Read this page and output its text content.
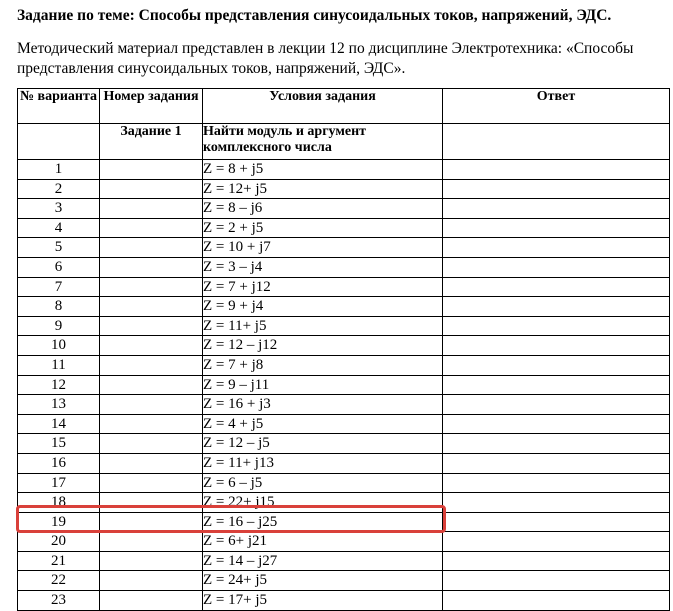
Задание по теме: Способы представления синусоидальных токов, напряжений, ЭДС.
Методический материал представлен в лекции 12 по дисциплине Электротехника: «Способы представления синусоидальных токов, напряжений, ЭДС».
№ варианта	Номер задания	Условия задания	Ответ
	Задание 1	Найти модуль и аргумент комплексного числа	
1		Z = 8 + j5	
2		Z = 12+ j5	
3		Z = 8 – j6	
4		Z = 2 + j5	
5		Z = 10 + j7	
6		Z = 3 – j4	
7		Z = 7 + j12	
8		Z = 9 + j4	
9		Z = 11+ j5	
10		Z = 12 – j12	
11		Z = 7 + j8	
12		Z = 9 – j11	
13		Z = 16 + j3	
14		Z = 4 + j5	
15		Z = 12 – j5	
16		Z = 11+ j13	
17		Z = 6 – j5	
18		Z = 22+ j15	
19		Z = 16 – j25	
20		Z = 6+ j21	
21		Z = 14 – j27	
22		Z = 24+ j5	
23		Z = 17+ j5	
